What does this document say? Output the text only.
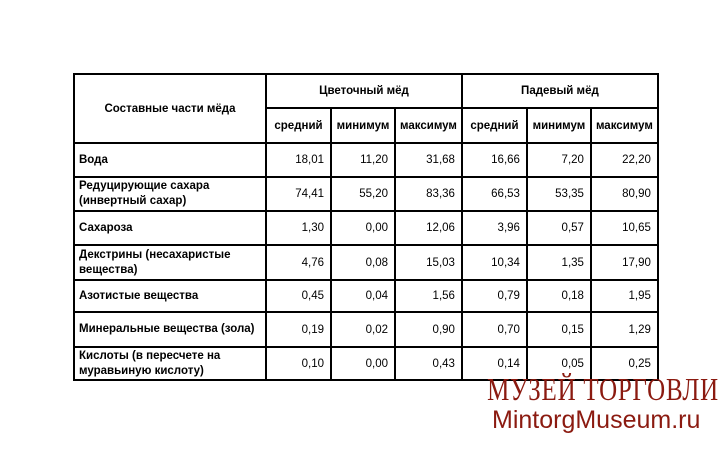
Составные части мёда	Цветочный мёд			Падевый мёд		
	средний	минимум	максимум	средний	минимум	максимум
Вода	18,01	11,20	31,68	16,66	7,20	22,20
Редуцирующие сахара (инвертный сахар)	74,41	55,20	83,36	66,53	53,35	80,90
Сахароза	1,30	0,00	12,06	3,96	0,57	10,65
Декстрины (несахаристые вещества)	4,76	0,08	15,03	10,34	1,35	17,90
Азотистые вещества	0,45	0,04	1,56	0,79	0,18	1,95
Минеральные вещества (зола)	0,19	0,02	0,90	0,70	0,15	1,29
Кислоты (в пересчете на муравьиную кислоту)	0,10	0,00	0,43	0,14	0,05	0,25
МУЗЕЙ ТОРГОВЛИ
MintorgMuseum.ru
